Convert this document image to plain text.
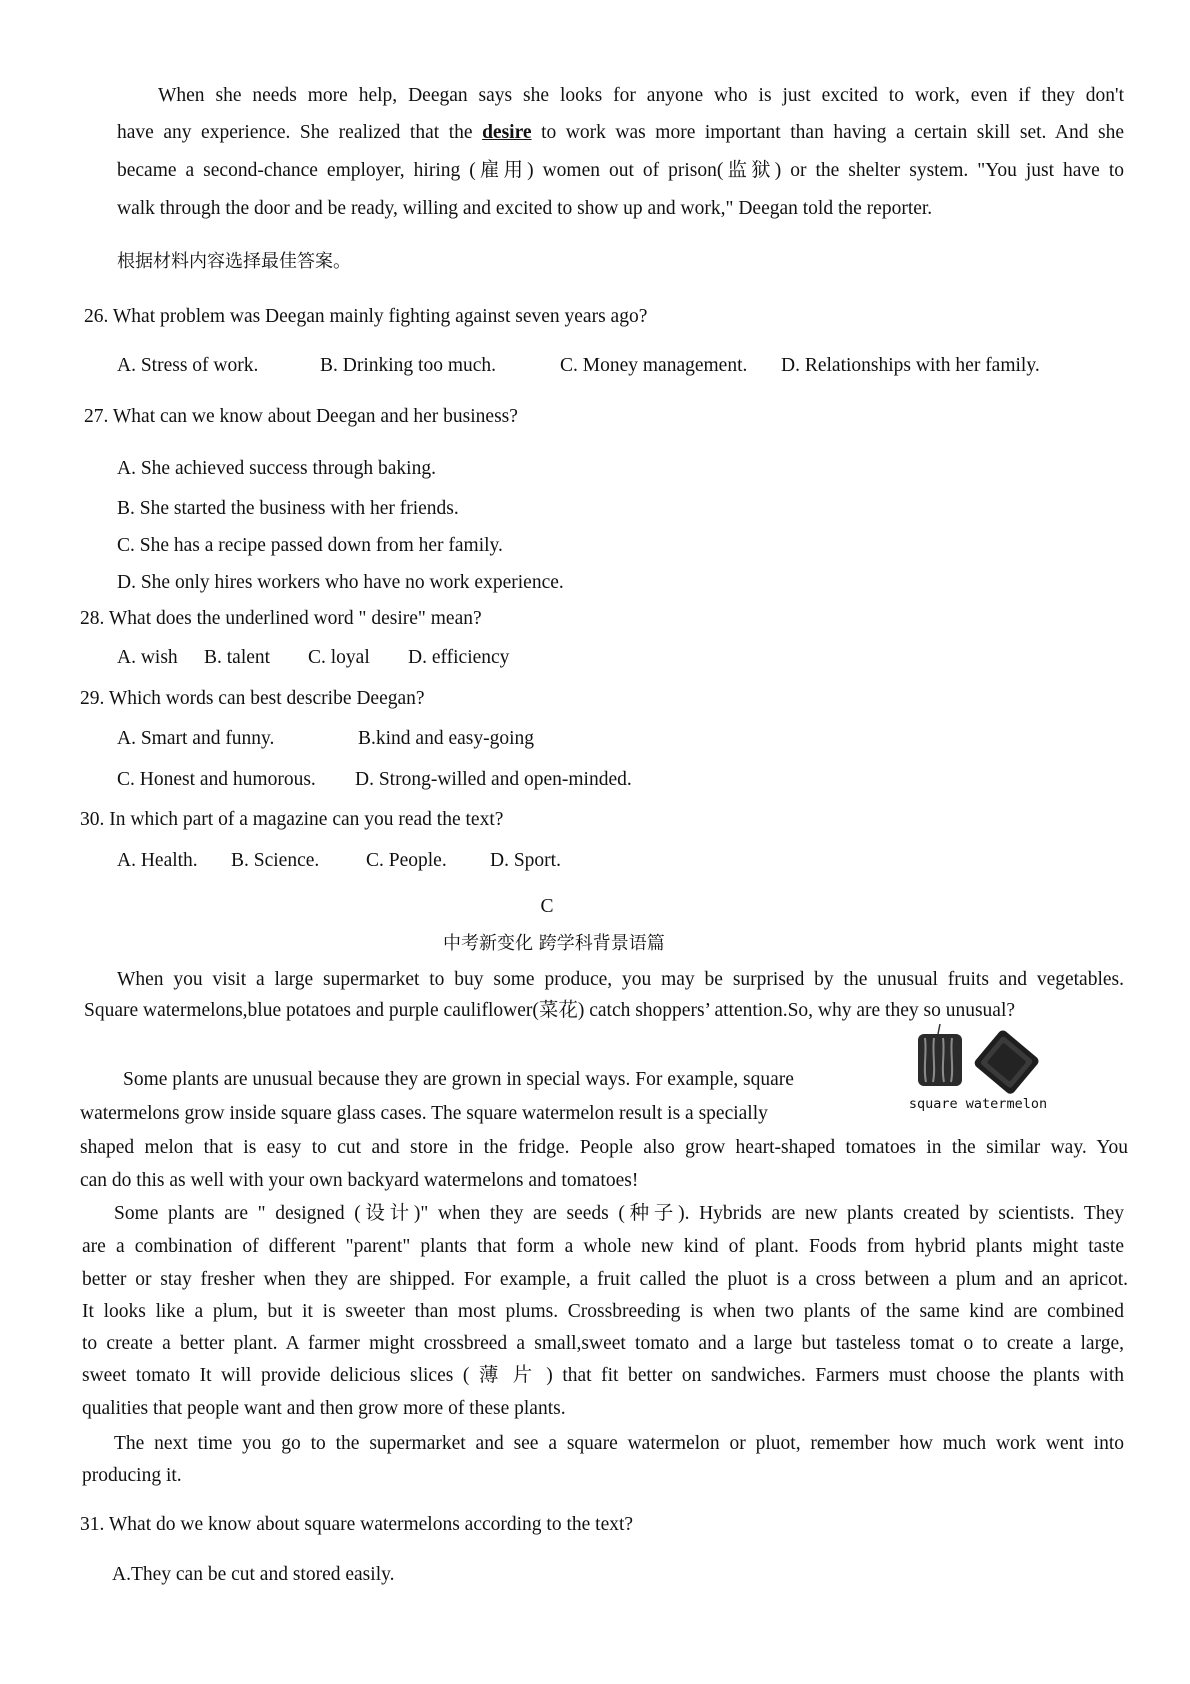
When she needs more help, Deegan says she looks for anyone who is just excited to work, even if they don't
have any experience. She realized that the desire to work was more important than having a certain skill set. And she
became a second-chance employer, hiring (雇用) women out of prison(监狱) or the shelter system. "You just have to
walk through the door and be ready, willing and excited to show up and work," Deegan told the reporter.
根据材料内容选择最佳答案。
26. What problem was Deegan mainly fighting against seven years ago?
A. Stress of work.	B. Drinking too much.	C. Money management. D. Relationships with her family.
27. What can we know about Deegan and her business?
A. She achieved success through baking.
B. She started the business with her friends.
C. She has a recipe passed down from her family.
D. She only hires workers who have no work experience.
28. What does the underlined word " desire" mean?
A. wish B. talent C. loyal D. efficiency
29. Which words can best describe Deegan?
A. Smart and funny.	B.kind and easy-going
C. Honest and humorous. D. Strong-willed and open-minded.
30. In which part of a magazine can you read the text?
A. Health. B. Science. C. People. D. Sport.
C
中考新变化 跨学科背景语篇
When you visit a large supermarket to buy some produce, you may be surprised by the unusual fruits and vegetables.
Square watermelons,blue potatoes and purple cauliflower(菜花) catch shoppers’ attention.So, why are they so unusual?
Some plants are unusual because they are grown in special ways. For example, square
watermelons grow inside square glass cases. The square watermelon result is a specially	square watermelon
shaped melon that is easy to cut and store in the fridge. People also grow heart-shaped tomatoes in the similar way. You
can do this as well with your own backyard watermelons and tomatoes!
Some plants are " designed (设计)" when they are seeds (种子). Hybrids are new plants created by scientists. They
are a combination of different "parent" plants that form a whole new kind of plant. Foods from hybrid plants might taste
better or stay fresher when they are shipped. For example, a fruit called the pluot is a cross between a plum and an apricot.
It looks like a plum, but it is sweeter than most plums. Crossbreeding is when two plants of the same kind are combined
to create a better plant. A farmer might crossbreed a small,sweet tomato and a large but tasteless tomat o to create a large,
sweet tomato It will provide delicious slices ( 薄 片 ) that fit better on sandwiches. Farmers must choose the plants with
qualities that people want and then grow more of these plants.
The next time you go to the supermarket and see a square watermelon or pluot, remember how much work went into
producing it.
31. What do we know about square watermelons according to the text?
A.They can be cut and stored easily.
